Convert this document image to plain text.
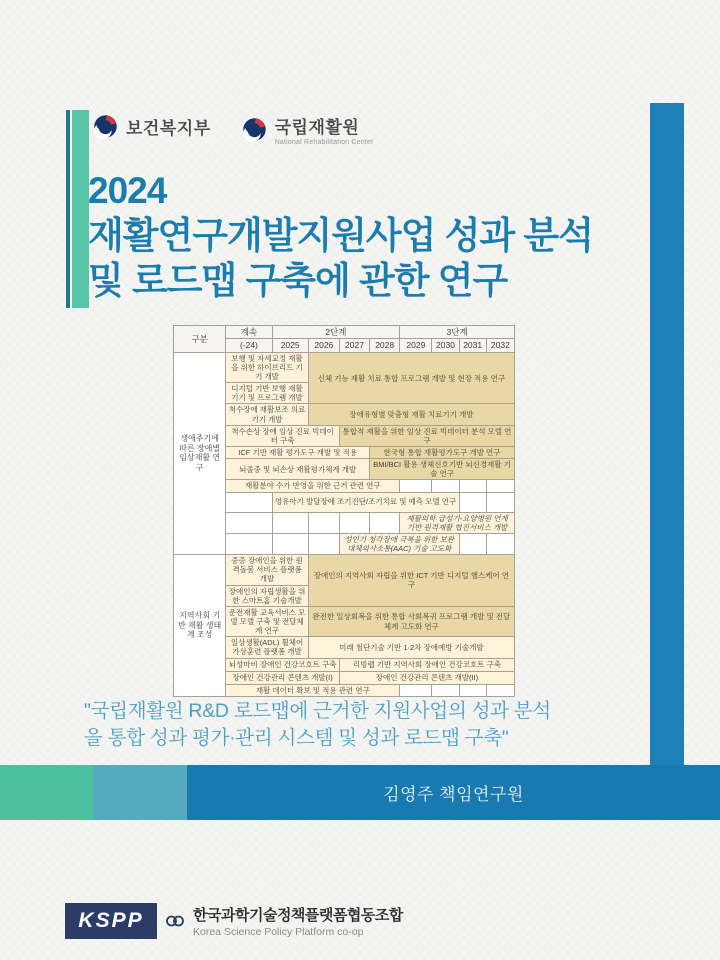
보건복지부	국립재활원
National Rehabilitation Center
2024
재활연구개발지원사업 성과 분석
및 로드맵 구축에 관한 연구
구분	계속	2단계				3단계			
	(-24)	2025	2026	2027	2028	2029	2030	2031	2032
생애주기에 따른 장애별 임상재활 연구	보행 및 자세교정 재활을 위한 하이브리드 기기 개발		신체 기능 재활 치료 통합 프로그램 개발 및 현장 적용 연구						
	디지털 기반 보행 재활 기기 및 프로그램 개발								
	척수장애 재활보조 의료기기 개발		장애유형별 맞춤형 재활 치료기기 개발						
	척수손상 장애 임상 진료 빅데이터 구축			통합적 재활을 위한 임상 진료 빅데이터 분석 모델 연구					
	ICF 기반 재활 평가도구 개발 및 적용				한국형 통합 재활평가도구 개발 연구				
	뇌졸중 및 뇌손상 재활평가체계 개발				BMI/BCI 활용 생체신호기반 뇌신경재활 기술 연구				
	재활분야 수가 반영을 위한 근거 관련 연구								
		영유아기 발달장애 조기진단/조기치료 및 예측 모델 연구							
						재활의학·급성기-요양병원 연계 기반 원격재활 협진서비스 개발			
				성인기 청각장애 극복을 위한 보완대체의사소통(AAC) 기술 고도화					
지역사회 기반 재활 생태계 조성	중증 장애인을 위한 원격돌봄 서비스 플랫폼 개발		장애인의 지역사회 자립을 위한 ICT 기반 디지털 헬스케어 연구						
	장애인의 자립생활을 위한 스마트홈 기술개발								
	운전재활 교육서비스 모델 모델 구축 및 전달체계 연구		완전한 일상회복을 위한 통합 사회복귀 프로그램 개발 및 전달체계 고도화 연구						
	일상생활(ADL) 휠체어 가상훈련 플랫폼 개발		미래 첨단기술 기반 1·2차 장애예방 기술개발						
	뇌성마비 장애인 건강코호트 구축			리빙랩 기반 지역사회 장애인 건강코호트 구축					
	장애인 건강관리 콘텐츠 개발(I)			장애인 건강관리 콘텐츠 개발(II)					
	재활 데이터 확보 및 적용 관련 연구								
"국립재활원 R&D 로드맵에 근거한 지원사업의 성과 분석
을 통합 성과 평가·관리 시스템 및 성과 로드맵 구축"
김영주 책임연구원
KSPP	한국과학기술정책플랫폼협동조합
Korea Science Policy Platform co-op
